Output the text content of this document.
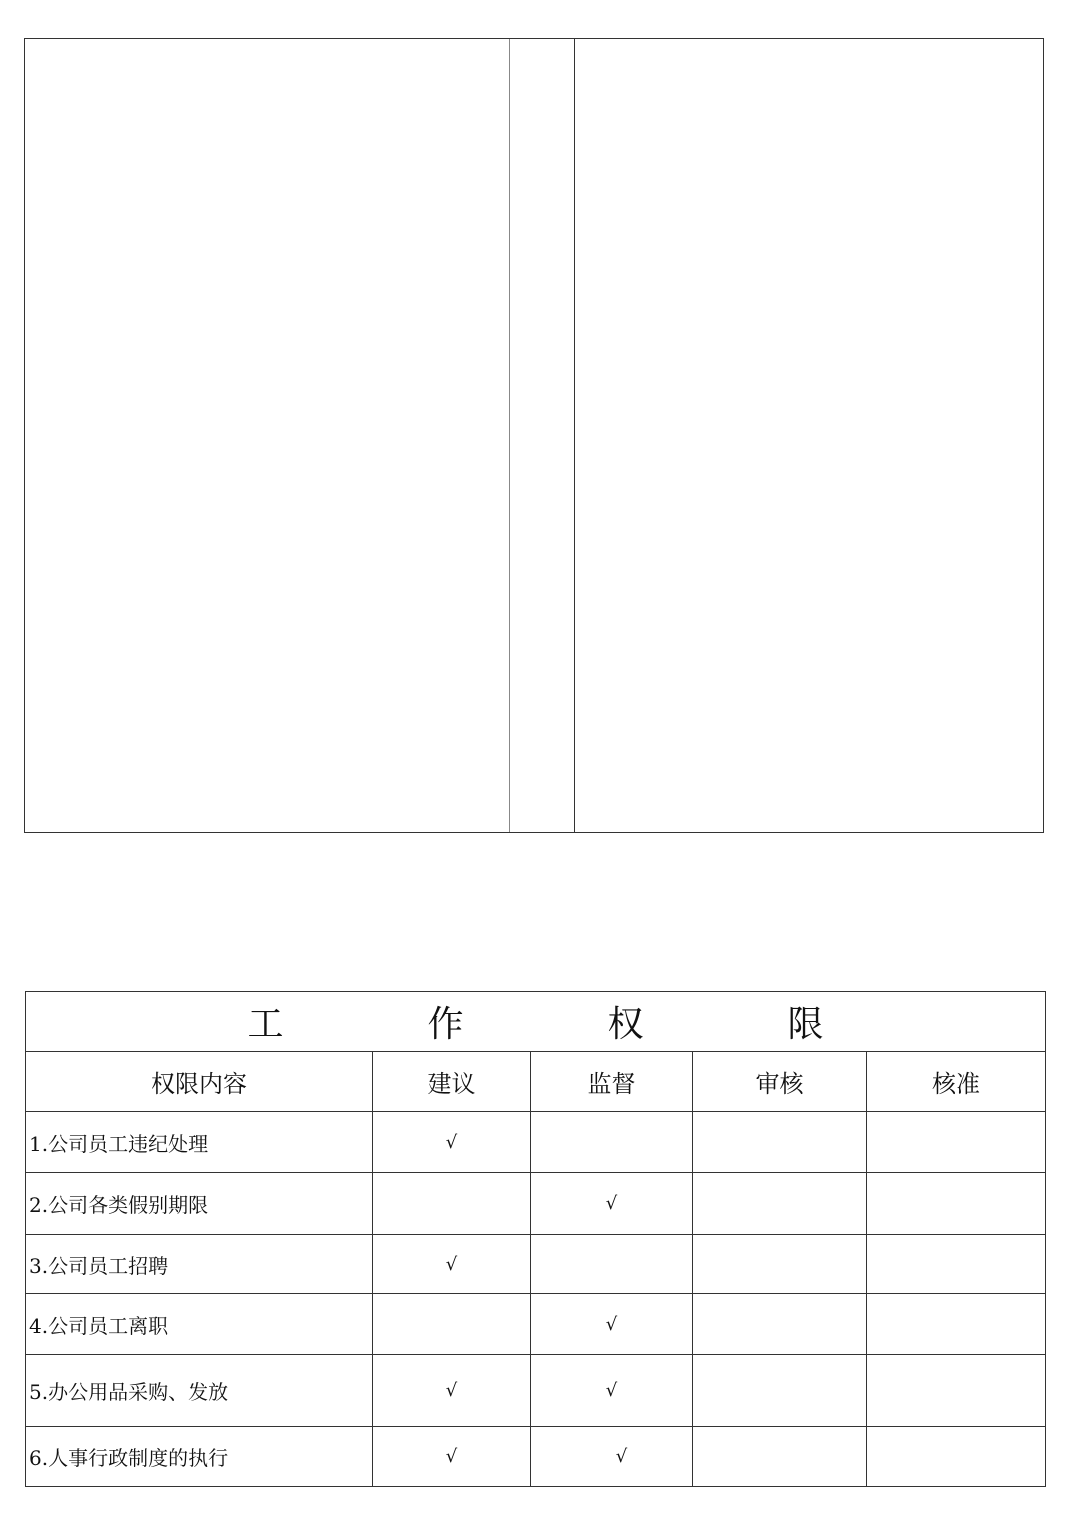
工　作　权　限				
权限内容	建议	监督	审核	核准
1.公司员工违纪处理	√			
2.公司各类假别期限		√		
3.公司员工招聘	√			
4.公司员工离职		√		
5.办公用品采购、发放	√	√		
6.人事行政制度的执行	√	√		
